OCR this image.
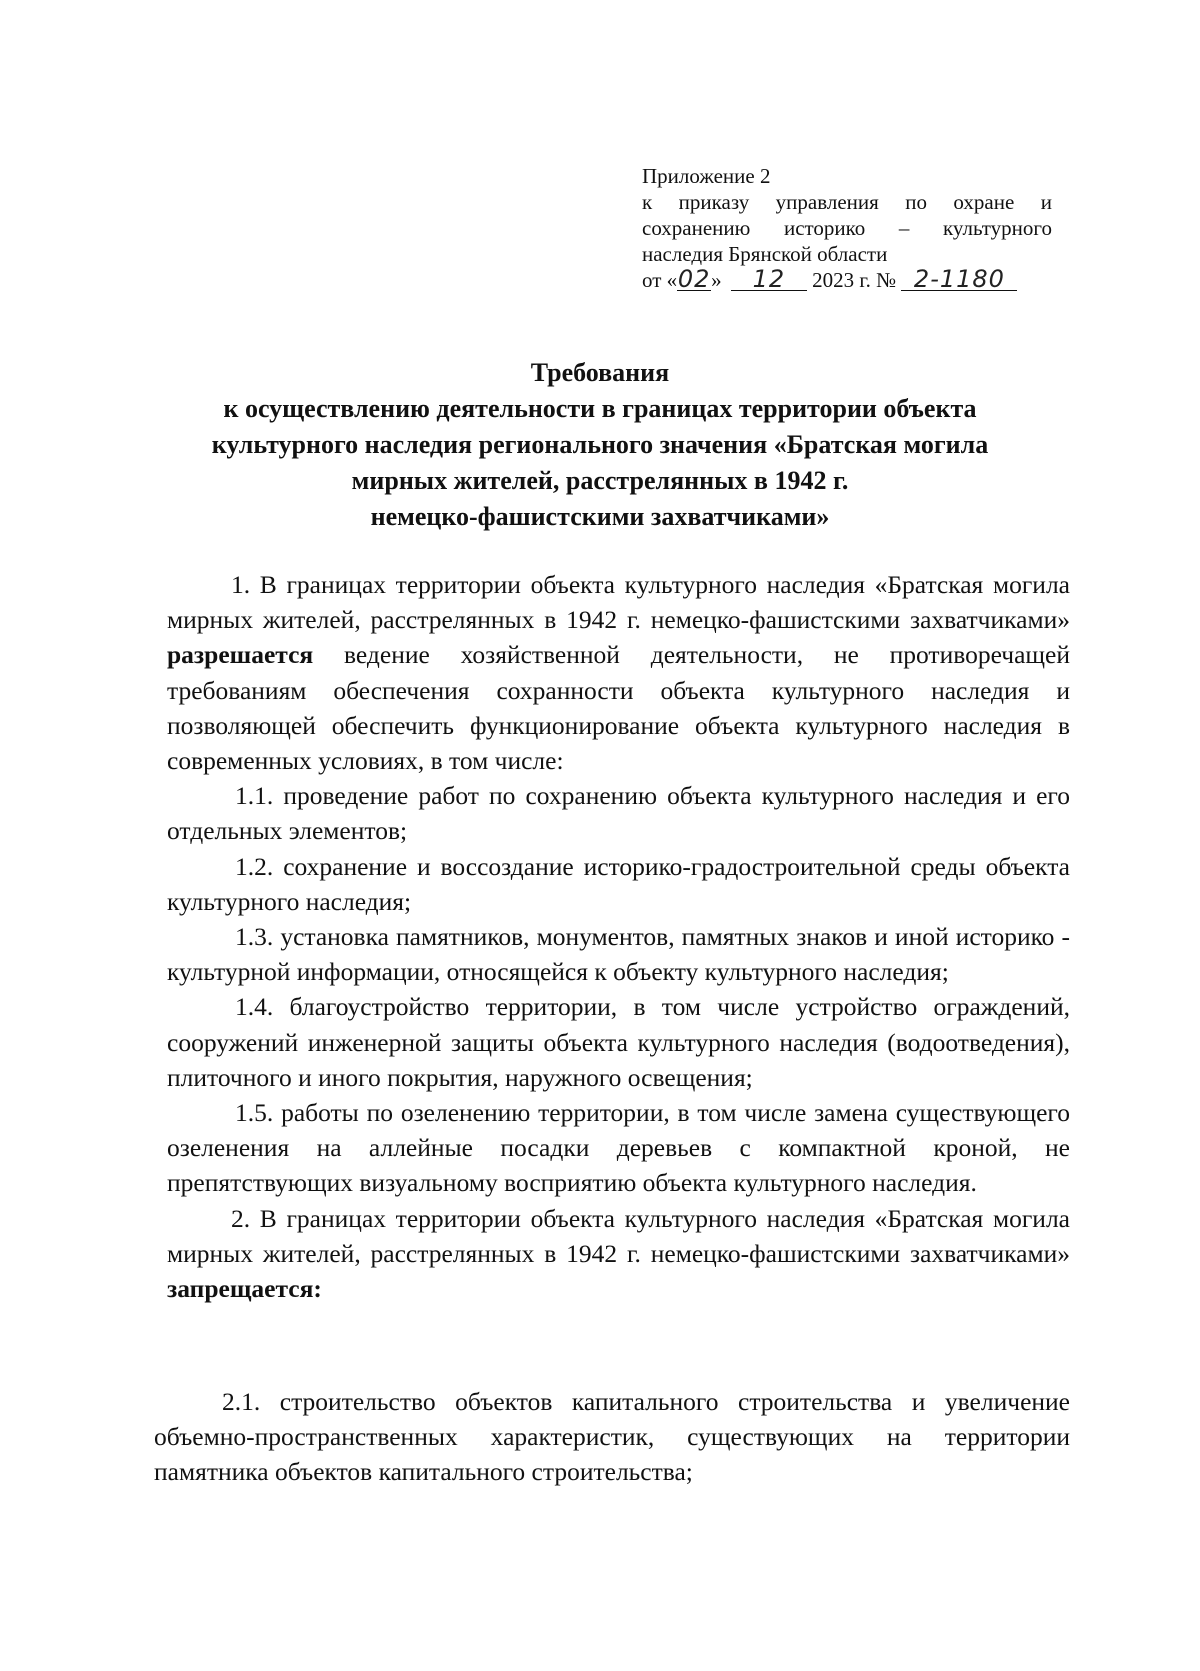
Приложение 2
к приказу управления по охране и
сохранению историко – культурного
наследия Брянской области
от «02» 12 2023 г. № 2-1180
Требования
к осуществлению деятельности в границах территории объекта
культурного наследия регионального значения «Братская могила
мирных жителей, расстрелянных в 1942 г.
немецко-фашистскими захватчиками»

1. В границах территории объекта культурного наследия «Братская могила мирных жителей, расстрелянных в 1942 г. немецко-фашистскими захватчиками» разрешается ведение хозяйственной деятельности, не противоречащей требованиям обеспечения сохранности объекта культурного наследия и позволяющей обеспечить функционирование объекта культурного наследия в современных условиях, в том числе:

1.1. проведение работ по сохранению объекта культурного наследия и его отдельных элементов;

1.2. сохранение и воссоздание историко-градостроительной среды объекта культурного наследия;

1.3. установка памятников, монументов, памятных знаков и иной историко - культурной информации, относящейся к объекту культурного наследия;

1.4. благоустройство территории, в том числе устройство ограждений, сооружений инженерной защиты объекта культурного наследия (водоотведения), плиточного и иного покрытия, наружного освещения;

1.5. работы по озеленению территории, в том числе замена существующего озеленения на аллейные посадки деревьев с компактной кроной, не препятствующих визуальному восприятию объекта культурного наследия.

2. В границах территории объекта культурного наследия «Братская могила мирных жителей, расстрелянных в 1942 г. немецко-фашистскими захватчиками» запрещается:

2.1. строительство объектов капитального строительства и увеличение объемно-пространственных характеристик, существующих на территории памятника объектов капитального строительства;
